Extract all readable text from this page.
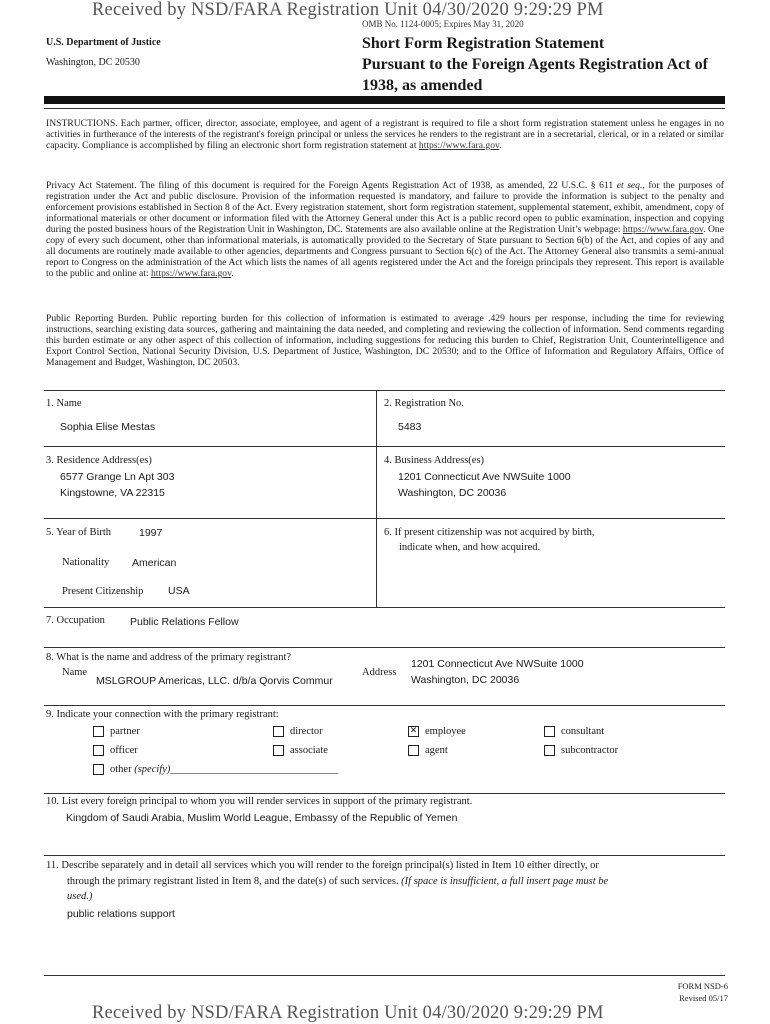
Received by NSD/FARA Registration Unit 04/30/2020 9:29:29 PM
OMB No. 1124-0005; Expires May 31, 2020
U.S. Department of Justice
Washington, DC 20530
Short Form Registration Statement
Pursuant to the Foreign Agents Registration Act of
1938, as amended
INSTRUCTIONS. Each partner, officer, director, associate, employee, and agent of a registrant is required to file a short form registration statement unless he engages in no activities in furtherance of the interests of the registrant's foreign principal or unless the services he renders to the registrant are in a secretarial, clerical, or in a related or similar capacity. Compliance is accomplished by filing an electronic short form registration statement at https://www.fara.gov.
Privacy Act Statement. The filing of this document is required for the Foreign Agents Registration Act of 1938, as amended, 22 U.S.C. § 611 et seq., for the purposes of registration under the Act and public disclosure. Provision of the information requested is mandatory, and failure to provide the information is subject to the penalty and enforcement provisions established in Section 8 of the Act. Every registration statement, short form registration statement, supplemental statement, exhibit, amendment, copy of informational materials or other document or information filed with the Attorney General under this Act is a public record open to public examination, inspection and copying during the posted business hours of the Registration Unit in Washington, DC. Statements are also available online at the Registration Unit’s webpage: https://www.fara.gov. One copy of every such document, other than informational materials, is automatically provided to the Secretary of State pursuant to Section 6(b) of the Act, and copies of any and all documents are routinely made available to other agencies, departments and Congress pursuant to Section 6(c) of the Act. The Attorney General also transmits a semi-annual report to Congress on the administration of the Act which lists the names of all agents registered under the Act and the foreign principals they represent. This report is available to the public and online at: https://www.fara.gov.
Public Reporting Burden. Public reporting burden for this collection of information is estimated to average .429 hours per response, including the time for reviewing instructions, searching existing data sources, gathering and maintaining the data needed, and completing and reviewing the collection of information. Send comments regarding this burden estimate or any other aspect of this collection of information, including suggestions for reducing this burden to Chief, Registration Unit, Counterintelligence and Export Control Section, National Security Division, U.S. Department of Justice, Washington, DC 20530; and to the Office of Information and Regulatory Affairs, Office of Management and Budget, Washington, DC 20503.
1. Name
Sophia Elise Mestas
2. Registration No.
5483
3. Residence Address(es)
6577 Grange Ln Apt 303
Kingstowne, VA 22315
4. Business Address(es)
1201 Connecticut Ave NWSuite 1000
Washington, DC 20036
5. Year of Birth	1997
Nationality American
Present Citizenship USA
6. If present citizenship was not acquired by birth,
indicate when, and how acquired.
7. Occupation Public Relations Fellow
8. What is the name and address of the primary registrant?
Name
MSLGROUP Americas, LLC. d/b/a Qorvis Commur
Address
1201 Connecticut Ave NWSuite 1000
Washington, DC 20036
9. Indicate your connection with the primary registrant:
partner
officer
other (specify)________________________________
director
associate
✕ employee
agent
consultant
subcontractor
10. List every foreign principal to whom you will render services in support of the primary registrant.
Kingdom of Saudi Arabia, Muslim World League, Embassy of the Republic of Yemen
11. Describe separately and in detail all services which you will render to the foreign principal(s) listed in Item 10 either directly, or
through the primary registrant listed in Item 8, and the date(s) of such services. (If space is insufficient, a full insert page must be
used.)
public relations support
FORM NSD-6
Revised 05/17
Received by NSD/FARA Registration Unit 04/30/2020 9:29:29 PM
